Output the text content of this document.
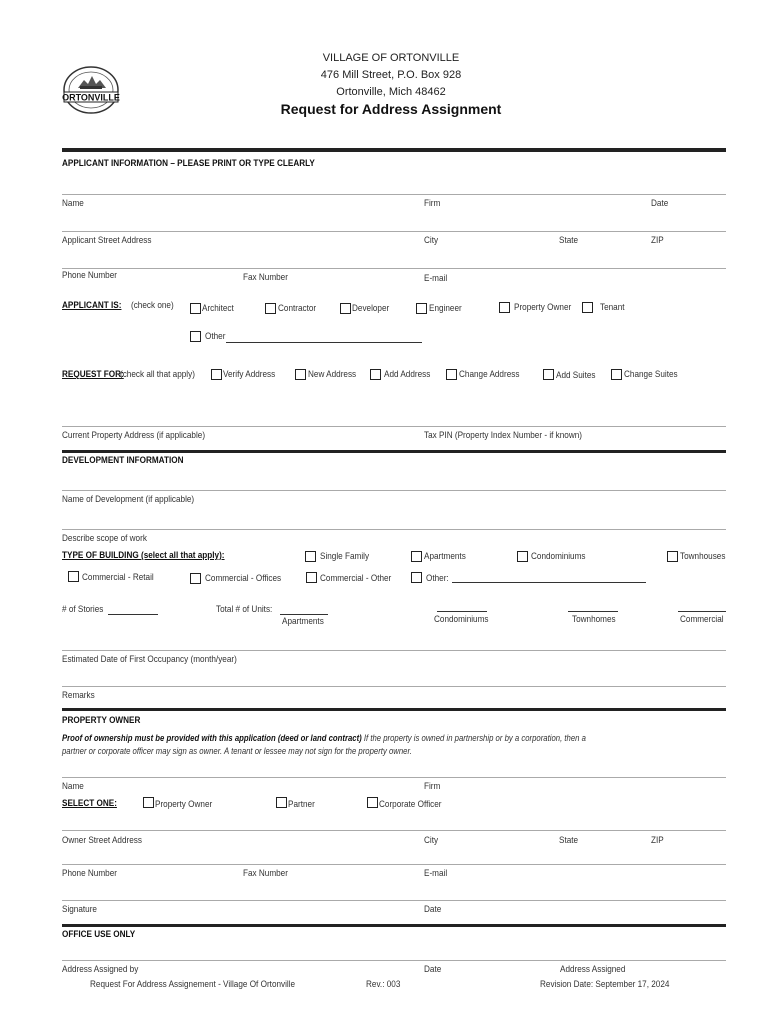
ORTONVILLE
VILLAGE OF ORTONVILLE
476 Mill Street, P.O. Box 928
Ortonville, Mich 48462
Request for Address Assignment
APPLICANT INFORMATION – PLEASE PRINT OR TYPE CLEARLY
Name	Firm	Date
Applicant Street Address	City	State	ZIP
Phone Number	Fax Number	E-mail
APPLICANT IS: (check one)	Architect	Contractor	Developer	Engineer	Property Owner	Tenant
Other
REQUEST FOR:
(check all that apply)	Verify Address	New Address	Add Address	Change Address	Add Suites	Change Suites
Current Property Address (if applicable)	Tax PIN (Property Index Number - if known)
DEVELOPMENT INFORMATION
Name of Development (if applicable)
Describe scope of work
TYPE OF BUILDING (select all that apply):	Single Family	Apartments	Condominiums	Townhouses
Commercial - Retail	Commercial - Offices	Commercial - Other	Other:
# of Stories	Total # of Units:
Apartments	Condominiums	Townhomes	Commercial
Estimated Date of First Occupancy (month/year)
Remarks
PROPERTY OWNER
Proof of ownership must be provided with this application (deed or land contract) If the property is owned in partnership or by a corporation, then a
partner or corporate officer may sign as owner. A tenant or lessee may not sign for the property owner.
Name	Firm
SELECT ONE:	Property Owner	Partner	Corporate Officer
Owner Street Address	City	State	ZIP
Phone Number	Fax Number	E-mail
Signature	Date
OFFICE USE ONLY
Address Assigned by	Date	Address Assigned
Request For Address Assignement - Village Of Ortonville	Rev.: 003	Revision Date: September 17, 2024
